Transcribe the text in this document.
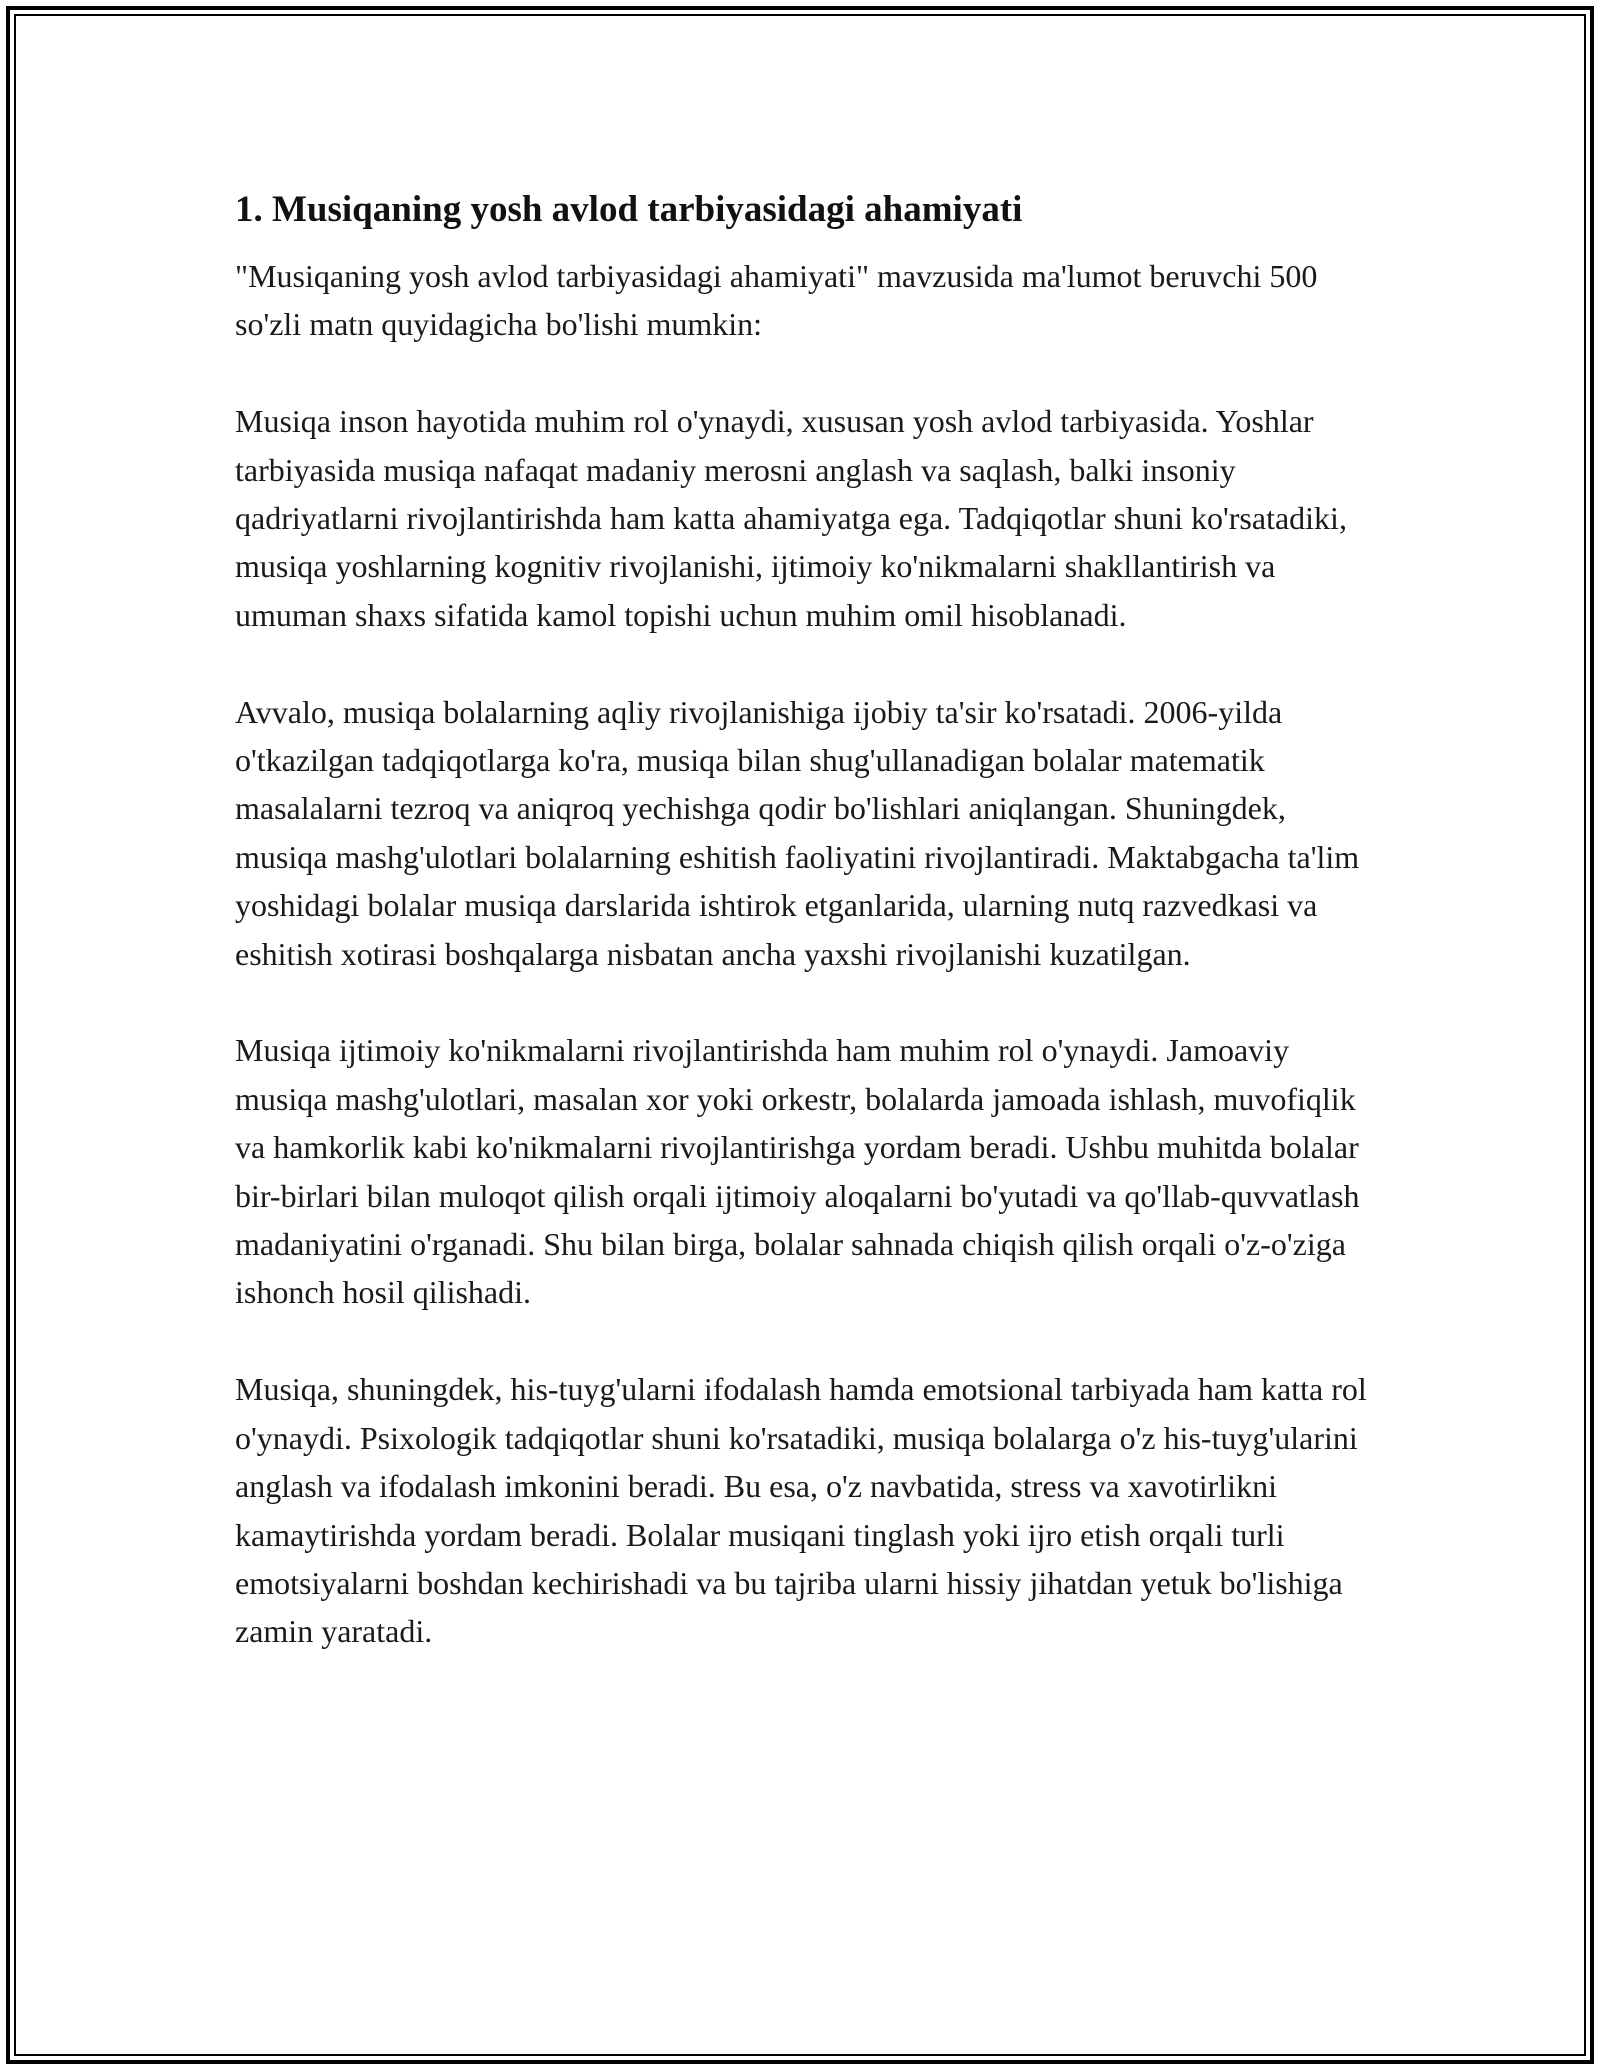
1. Musiqaning yosh avlod tarbiyasidagi ahamiyati

"Musiqaning yosh avlod tarbiyasidagi ahamiyati" mavzusida ma'lumot beruvchi 500 so'zli matn quyidagicha bo'lishi mumkin:

Musiqa inson hayotida muhim rol o'ynaydi, xususan yosh avlod tarbiyasida. Yoshlar tarbiyasida musiqa nafaqat madaniy merosni anglash va saqlash, balki insoniy qadriyatlarni rivojlantirishda ham katta ahamiyatga ega. Tadqiqotlar shuni ko'rsatadiki, musiqa yoshlarning kognitiv rivojlanishi, ijtimoiy ko'nikmalarni shakllantirish va umuman shaxs sifatida kamol topishi uchun muhim omil hisoblanadi.

Avvalo, musiqa bolalarning aqliy rivojlanishiga ijobiy ta'sir ko'rsatadi. 2006-yilda o'tkazilgan tadqiqotlarga ko'ra, musiqa bilan shug'ullanadigan bolalar matematik masalalarni tezroq va aniqroq yechishga qodir bo'lishlari aniqlangan. Shuningdek, musiqa mashg'ulotlari bolalarning eshitish faoliyatini rivojlantiradi. Maktabgacha ta'lim yoshidagi bolalar musiqa darslarida ishtirok etganlarida, ularning nutq razvedkasi va eshitish xotirasi boshqalarga nisbatan ancha yaxshi rivojlanishi kuzatilgan.

Musiqa ijtimoiy ko'nikmalarni rivojlantirishda ham muhim rol o'ynaydi. Jamoaviy musiqa mashg'ulotlari, masalan xor yoki orkestr, bolalarda jamoada ishlash, muvofiqlik va hamkorlik kabi ko'nikmalarni rivojlantirishga yordam beradi. Ushbu muhitda bolalar bir-birlari bilan muloqot qilish orqali ijtimoiy aloqalarni bo'yutadi va qo'llab-quvvatlash madaniyatini o'rganadi. Shu bilan birga, bolalar sahnada chiqish qilish orqali o'z-o'ziga ishonch hosil qilishadi.

Musiqa, shuningdek, his-tuyg'ularni ifodalash hamda emotsional tarbiyada ham katta rol o'ynaydi. Psixologik tadqiqotlar shuni ko'rsatadiki, musiqa bolalarga o'z his-tuyg'ularini anglash va ifodalash imkonini beradi. Bu esa, o'z navbatida, stress va xavotirlikni kamaytirishda yordam beradi. Bolalar musiqani tinglash yoki ijro etish orqali turli emotsiyalarni boshdan kechirishadi va bu tajriba ularni hissiy jihatdan yetuk bo'lishiga zamin yaratadi.
